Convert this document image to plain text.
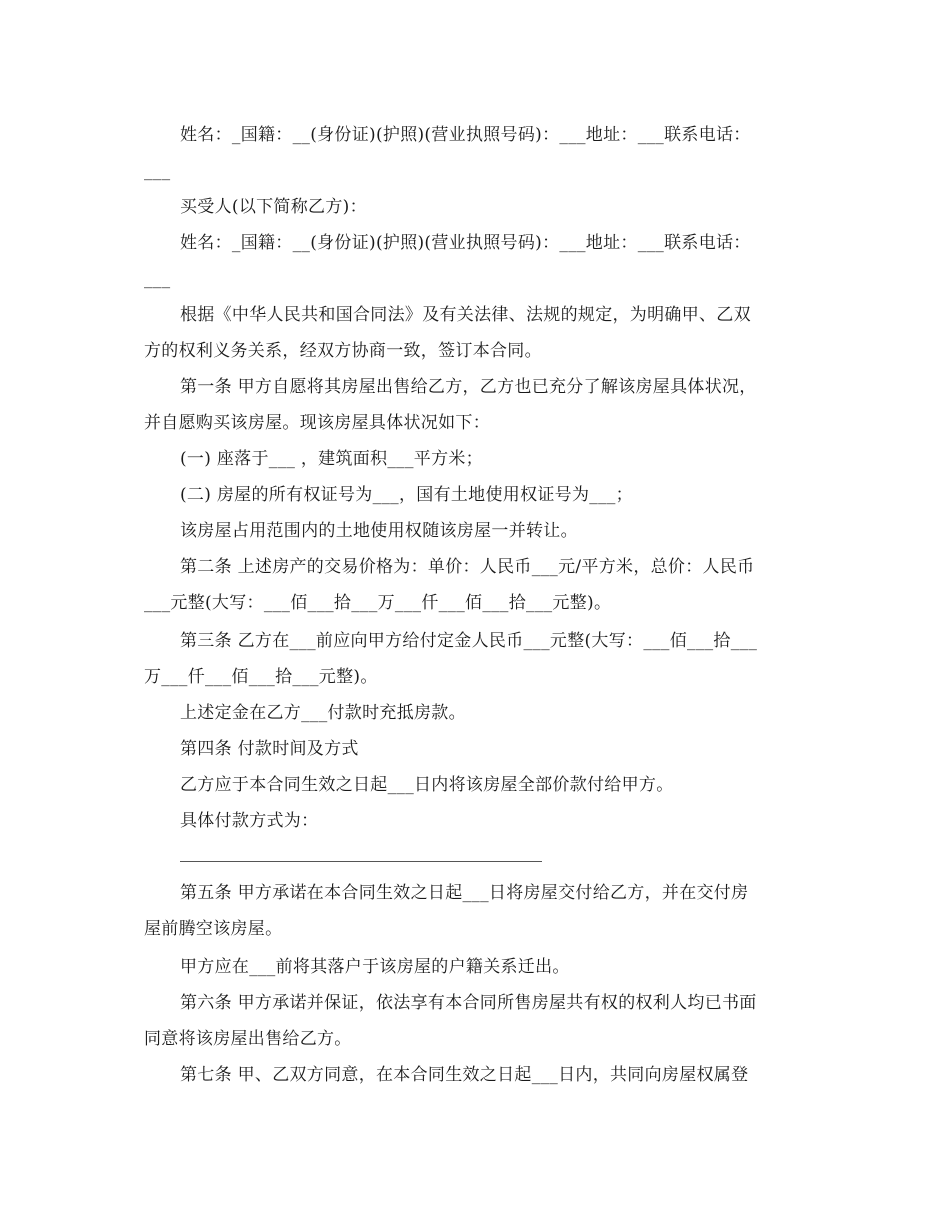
姓名：_国籍：__(身份证)(护照)(营业执照号码)：___地址：___联系电话：
___
买受人(以下简称乙方)：
姓名：_国籍：__(身份证)(护照)(营业执照号码)：___地址：___联系电话：
___
根据《中华人民共和国合同法》及有关法律、法规的规定，为明确甲、乙双
方的权利义务关系，经双方协商一致，签订本合同。
第一条 甲方自愿将其房屋出售给乙方，乙方也已充分了解该房屋具体状况，
并自愿购买该房屋。现该房屋具体状况如下：
(一) 座落于___ ，建筑面积___平方米；
(二) 房屋的所有权证号为___，国有土地使用权证号为___；
该房屋占用范围内的土地使用权随该房屋一并转让。
第二条 上述房产的交易价格为：单价：人民币___元/平方米，总价：人民币
___元整(大写：___佰___拾___万___仟___佰___拾___元整)。
第三条 乙方在___前应向甲方给付定金人民币___元整(大写：___佰___拾___
万___仟___佰___拾___元整)。
上述定金在乙方___付款时充抵房款。
第四条 付款时间及方式
乙方应于本合同生效之日起___日内将该房屋全部价款付给甲方。
具体付款方式为：
第五条 甲方承诺在本合同生效之日起___日将房屋交付给乙方，并在交付房
屋前腾空该房屋。
甲方应在___前将其落户于该房屋的户籍关系迁出。
第六条 甲方承诺并保证，依法享有本合同所售房屋共有权的权利人均已书面
同意将该房屋出售给乙方。
第七条 甲、乙双方同意，在本合同生效之日起___日内，共同向房屋权属登
